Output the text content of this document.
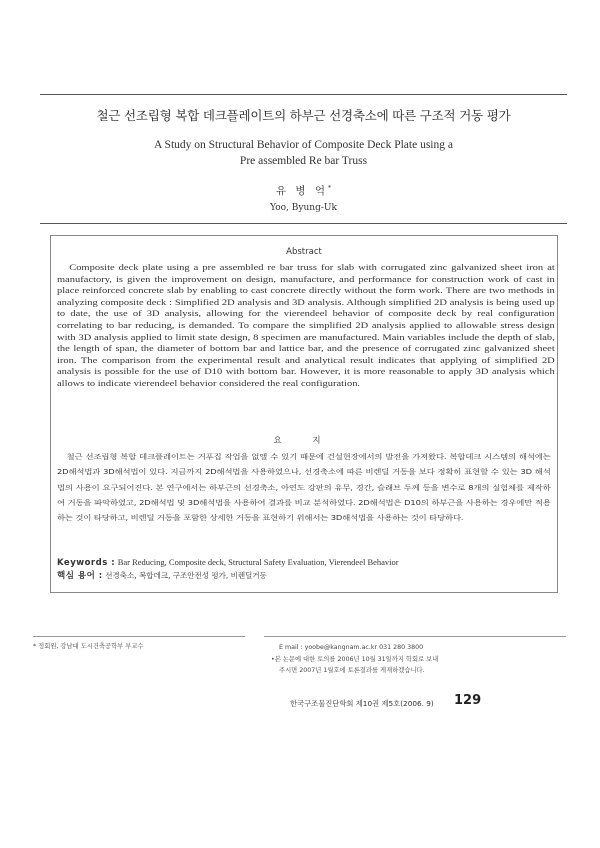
철근 선조립형 복합 데크플레이트의 하부근 선경축소에 따른 구조적 거동 평가
A Study on Structural Behavior of Composite Deck Plate using a
Pre assembled Re bar Truss
유 병 억*
Yoo, Byung-Uk
Abstract
Composite deck plate using a pre assembled re bar truss for slab with corrugated zinc galvanized sheet iron at manufactory, is given the improvement on design, manufacture, and performance for construction work of cast in place reinforced concrete slab by enabling to cast concrete directly without the form work. There are two methods in analyzing composite deck : Simplified 2D analysis and 3D analysis. Although simplified 2D analysis is being used up to date, the use of 3D analysis, allowing for the vierendeel behavior of composite deck by real configuration correlating to bar reducing, is demanded. To compare the simplified 2D analysis applied to allowable stress design with 3D analysis applied to limit state design, 8 specimen are manufactured. Main variables include the depth of slab, the length of span, the diameter of bottom bar and lattice bar, and the presence of corrugated zinc galvanized sheet iron. The comparison from the experimental result and analytical result indicates that applying of simplified 2D analysis is possible for the use of D10 with bottom bar. However, it is more reasonable to apply 3D analysis which allows to indicate vierendeel behavior considered the real configuration.
요 지
철근 선조립형 복합 데크플레이트는 거푸집 작업을 없앨 수 있기 때문에 건설현장에서의 발전을 가져왔다. 복합데크 시스템의 해석에는 2D해석법과 3D해석법이 있다. 지금까지 2D해석법을 사용하였으나, 선경축소에 따른 비렌딜 거동을 보다 정확히 표현할 수 있는 3D 해석법의 사용이 요구되어진다. 본 연구에서는 하부근의 선경축소, 아연도 강판의 유무, 경간, 슬래브 두께 등을 변수로 8개의 실험체를 제작하여 거동을 파악하였고, 2D해석법 및 3D해석법을 사용하여 결과를 비교 분석하였다. 2D해석법은 D10의 하부근을 사용하는 경우에만 적용하는 것이 타당하고, 비렌딜 거동을 포함한 상세한 거동을 표현하기 위해서는 3D해석법을 사용하는 것이 타당하다.
Keywords : Bar Reducing, Composite deck, Structural Safety Evaluation, Vierendeel Behavior
핵심 용어 : 선경축소, 복합데크, 구조안전성 평가, 비렌딜거동
* 정회원, 강남대 도시건축공학부 부교수	E mail : yoobe@kangnam.ac.kr 031 280 3800
•본 논문에 대한 토의를 2006년 10월 31일까지 학회로 보내
주시면 2007년 1월호에 토론결과를 게재하겠습니다.
한국구조물진단학회 제10권 제5호(2006. 9) 129
